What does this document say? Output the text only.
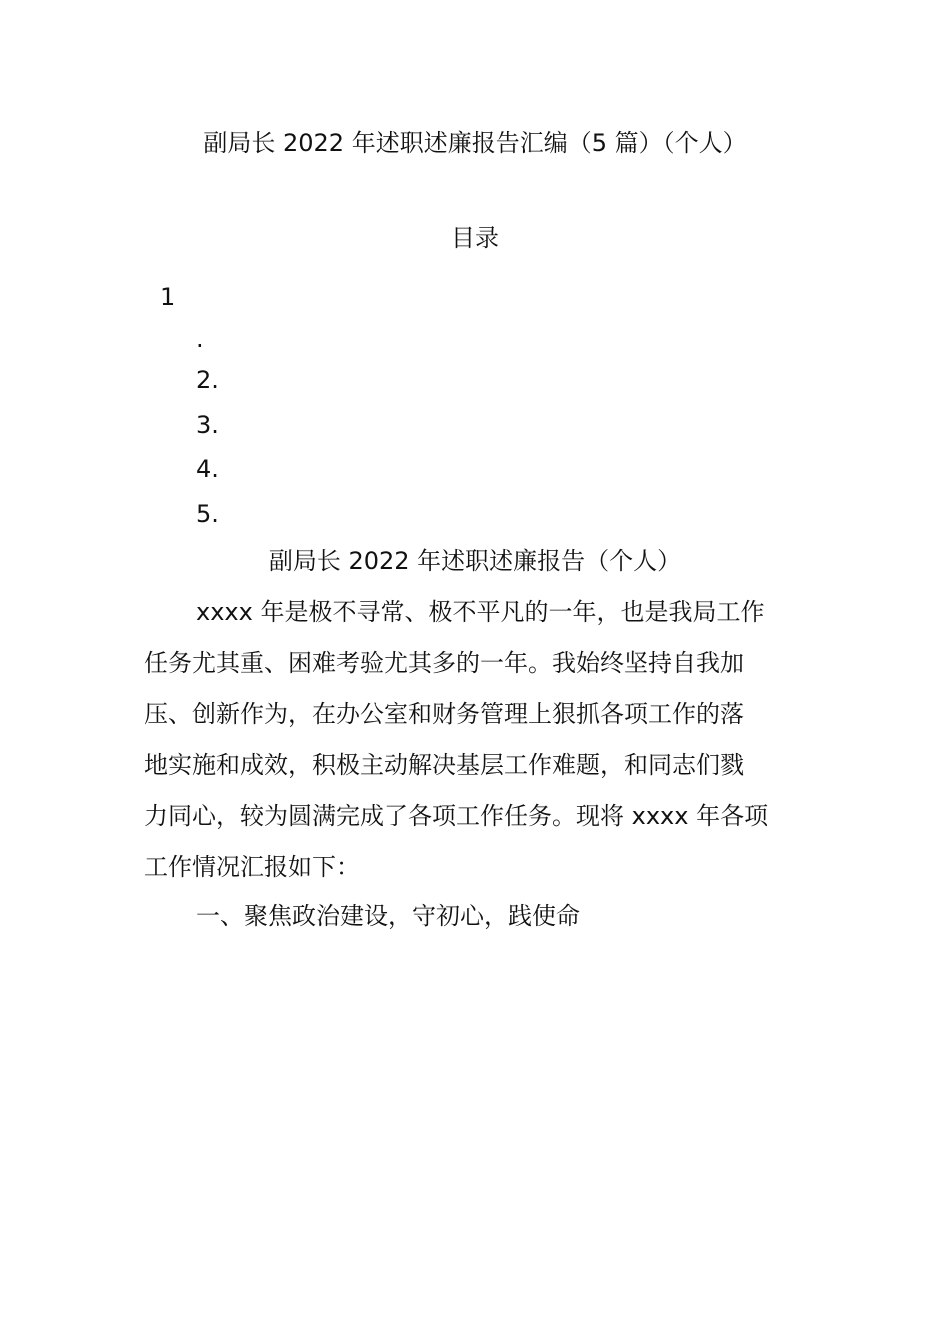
副局长 2022 年述职述廉报告汇编（5 篇）（个人）
目录
1
.
2.
3.
4.
5.
副局长 2022 年述职述廉报告（个人）
xxxx 年是极不寻常、极不平凡的一年，也是我局工作
任务尤其重、困难考验尤其多的一年。我始终坚持自我加
压、创新作为，在办公室和财务管理上狠抓各项工作的落
地实施和成效，积极主动解决基层工作难题，和同志们戮
力同心，较为圆满完成了各项工作任务。现将 xxxx 年各项
工作情况汇报如下：
一、聚焦政治建设，守初心，践使命
